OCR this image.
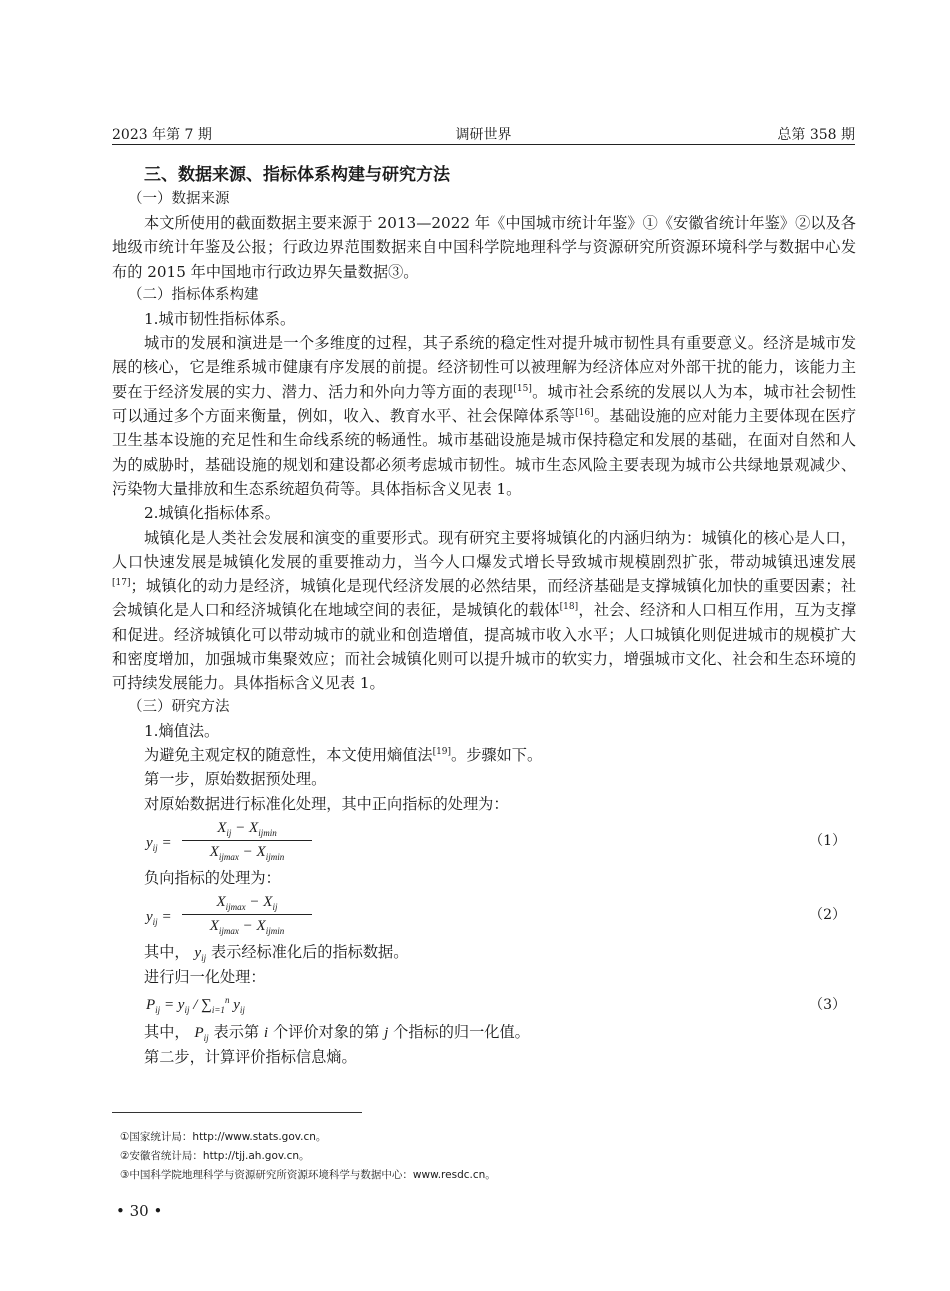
2023 年第 7 期	调研世界	总第 358 期

三、数据来源、指标体系构建与研究方法

（一）数据来源

本文所使用的截面数据主要来源于 2013—2022 年《中国城市统计年鉴》①《安徽省统计年鉴》②以及各地级市统计年鉴及公报；行政边界范围数据来自中国科学院地理科学与资源研究所资源环境科学与数据中心发布的 2015 年中国地市行政边界矢量数据③。

（二）指标体系构建

1.城市韧性指标体系。

城市的发展和演进是一个多维度的过程，其子系统的稳定性对提升城市韧性具有重要意义。经济是城市发展的核心，它是维系城市健康有序发展的前提。经济韧性可以被理解为经济体应对外部干扰的能力，该能力主要在于经济发展的实力、潜力、活力和外向力等方面的表现[15]。城市社会系统的发展以人为本，城市社会韧性可以通过多个方面来衡量，例如，收入、教育水平、社会保障体系等[16]。基础设施的应对能力主要体现在医疗卫生基本设施的充足性和生命线系统的畅通性。城市基础设施是城市保持稳定和发展的基础，在面对自然和人为的威胁时，基础设施的规划和建设都必须考虑城市韧性。城市生态风险主要表现为城市公共绿地景观减少、污染物大量排放和生态系统超负荷等。具体指标含义见表 1。

2.城镇化指标体系。

城镇化是人类社会发展和演变的重要形式。现有研究主要将城镇化的内涵归纳为：城镇化的核心是人口，人口快速发展是城镇化发展的重要推动力，当今人口爆发式增长导致城市规模剧烈扩张，带动城镇迅速发展[17]；城镇化的动力是经济，城镇化是现代经济发展的必然结果，而经济基础是支撑城镇化加快的重要因素；社会城镇化是人口和经济城镇化在地域空间的表征，是城镇化的载体[18]，社会、经济和人口相互作用，互为支撑和促进。经济城镇化可以带动城市的就业和创造增值，提高城市收入水平；人口城镇化则促进城市的规模扩大和密度增加，加强城市集聚效应；而社会城镇化则可以提升城市的软实力，增强城市文化、社会和生态环境的可持续发展能力。具体指标含义见表 1。

（三）研究方法

1.熵值法。

为避免主观定权的随意性，本文使用熵值法[19]。步骤如下。

第一步，原始数据预处理。

对原始数据进行标准化处理，其中正向指标的处理为：

$y_{ij}$ =
$X_{ij} - X_{ijmin}$
$X_{ijmax} - X_{ijmin}$
（1）

负向指标的处理为：

$y_{ij}$ =
$X_{ijmax} - X_{ij}$
$X_{ijmax} - X_{ijmin}$
（2）

其中， $y_{ij}$ 表示经标准化后的指标数据。

进行归一化处理：

$P_{ij} = y_{ij} / \sum_{i=1}^n$ $y_{ij}$	（3）

其中， $P_{ij}$ 表示第 i 个评价对象的第 j 个指标的归一化值。

第二步，计算评价指标信息熵。

①国家统计局：http://www.stats.gov.cn。
②安徽省统计局：http://tjj.ah.gov.cn。
③中国科学院地理科学与资源研究所资源环境科学与数据中心：www.resdc.cn。
• 30 •
